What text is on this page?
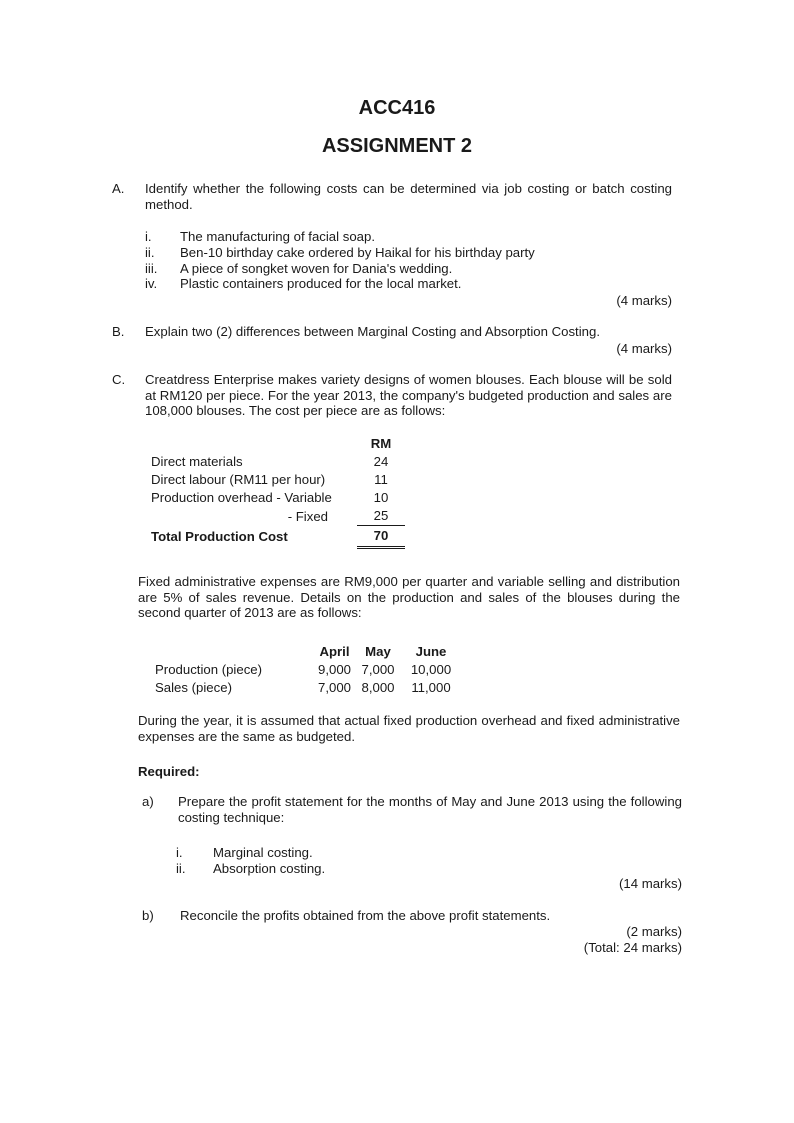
ACC416
ASSIGNMENT 2
A. Identify whether the following costs can be determined via job costing or batch costing method.
i. The manufacturing of facial soap.
ii. Ben-10 birthday cake ordered by Haikal for his birthday party
iii. A piece of songket woven for Dania's wedding.
iv. Plastic containers produced for the local market.
(4 marks)
B. Explain two (2) differences between Marginal Costing and Absorption Costing.
(4 marks)
C. Creatdress Enterprise makes variety designs of women blouses. Each blouse will be sold at RM120 per piece. For the year 2013, the company's budgeted production and sales are 108,000 blouses. The cost per piece are as follows:
	RM
Direct materials	24
Direct labour (RM11 per hour)	11
Production overhead - Variable	10
- Fixed	25
Total Production Cost	70
Fixed administrative expenses are RM9,000 per quarter and variable selling and distribution are 5% of sales revenue. Details on the production and sales of the blouses during the second quarter of 2013 are as follows:
	April	May	June
Production (piece)	9,000	7,000	10,000
Sales (piece)	7,000	8,000	11,000
During the year, it is assumed that actual fixed production overhead and fixed administrative expenses are the same as budgeted.
Required:
a) Prepare the profit statement for the months of May and June 2013 using the following costing technique:
i. Marginal costing.
ii. Absorption costing.
(14 marks)
b) Reconcile the profits obtained from the above profit statements.
(2 marks)
(Total: 24 marks)
